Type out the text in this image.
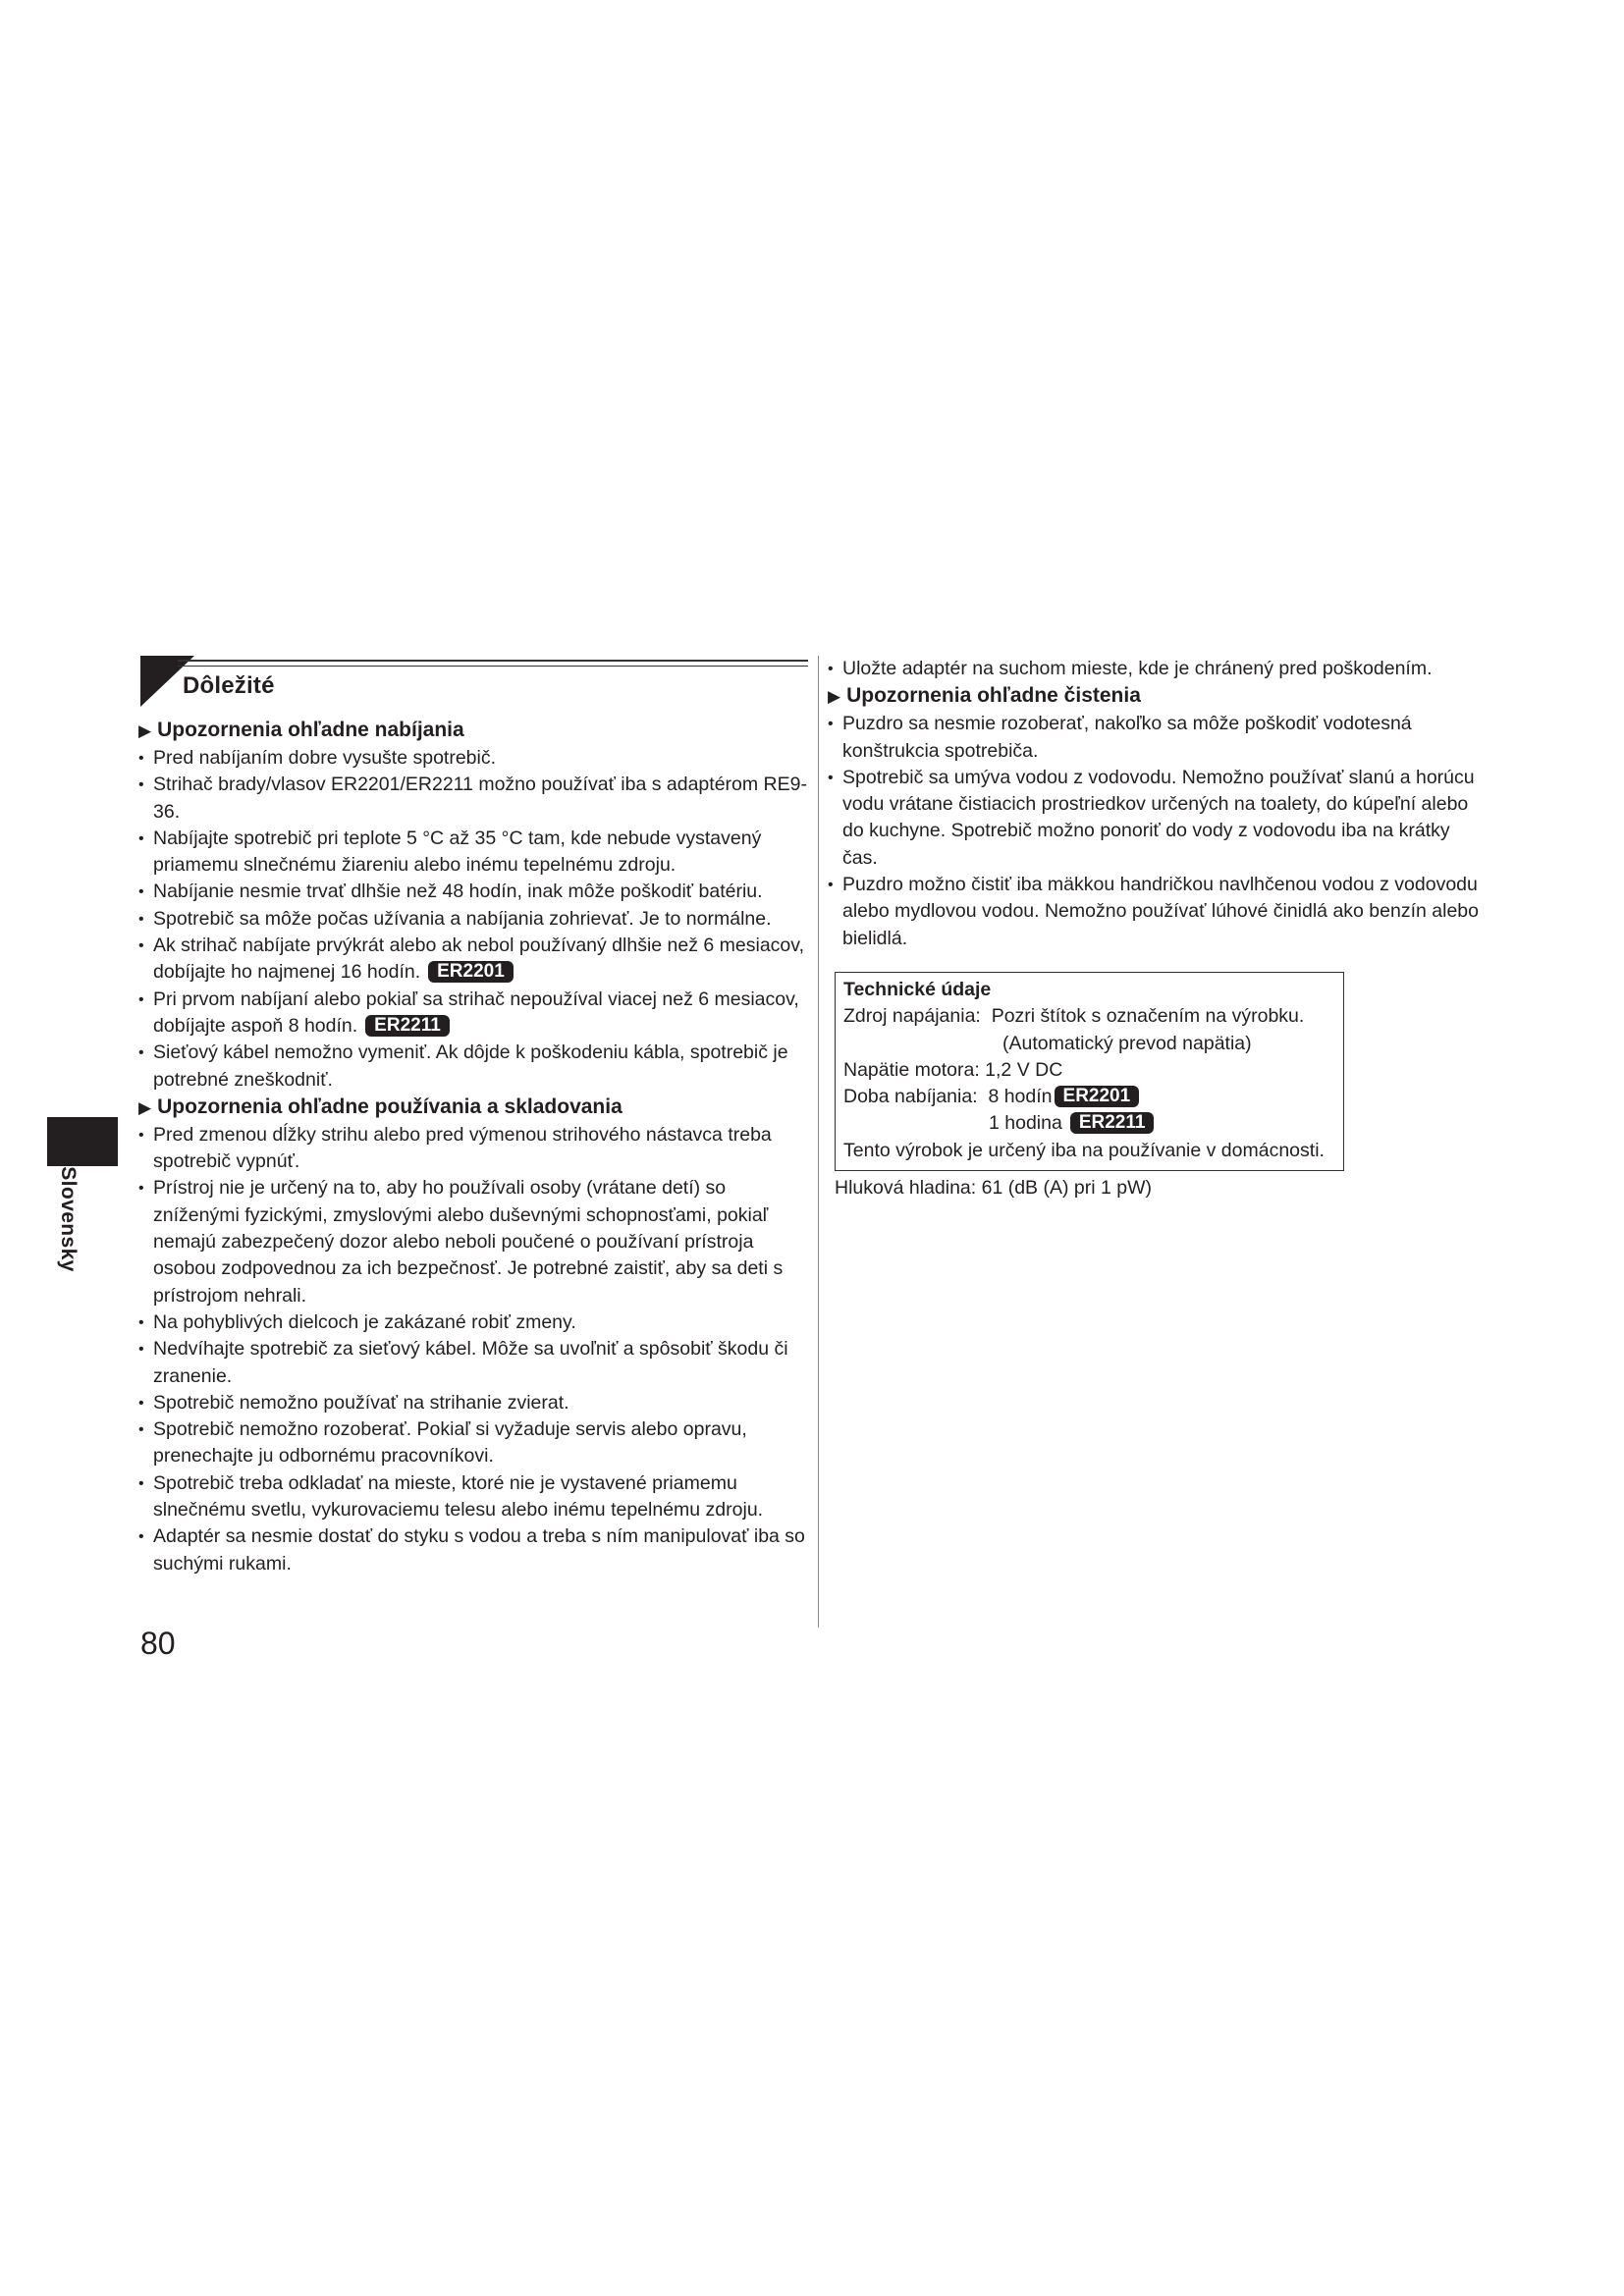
Dôležité
▶ Upozornenia ohľadne nabíjania
• Pred nabíjaním dobre vysušte spotrebič.
• Strihač brady/vlasov ER2201/ER2211 možno používať iba s adaptérom RE9-36.
• Nabíjajte spotrebič pri teplote 5 °C až 35 °C tam, kde nebude vystavený priamemu slnečnému žiareniu alebo inému tepelnému zdroju.
• Nabíjanie nesmie trvať dlhšie než 48 hodín, inak môže poškodiť batériu.
• Spotrebič sa môže počas užívania a nabíjania zohrievať. Je to normálne.
• Ak strihač nabíjate prvýkrát alebo ak nebol používaný dlhšie než 6 mesiacov, dobíjajte ho najmenej 16 hodín. ER2201
• Pri prvom nabíjaní alebo pokiaľ sa strihač nepoužíval viacej než 6 mesiacov, dobíjajte aspoň 8 hodín. ER2211
• Sieťový kábel nemožno vymeniť. Ak dôjde k poškodeniu kábla, spotrebič je potrebné zneškodniť.
▶ Upozornenia ohľadne používania a skladovania
• Pred zmenou dĺžky strihu alebo pred výmenou strihového nástavca treba spotrebič vypnúť.
• Prístroj nie je určený na to, aby ho používali osoby (vrátane detí) so zníženými fyzickými, zmyslovými alebo duševnými schopnosťami, pokiaľ nemajú zabezpečený dozor alebo neboli poučené o používaní prístroja osobou zodpovednou za ich bezpečnosť. Je potrebné zaistiť, aby sa deti s prístrojom nehrali.
• Na pohyblivých dielcoch je zakázané robiť zmeny.
• Nedvíhajte spotrebič za sieťový kábel. Môže sa uvoľniť a spôsobiť škodu či zranenie.
• Spotrebič nemožno používať na strihanie zvierat.
• Spotrebič nemožno rozoberať. Pokiaľ si vyžaduje servis alebo opravu, prenechajte ju odbornému pracovníkovi.
• Spotrebič treba odkladať na mieste, ktoré nie je vystavené priamemu slnečnému svetlu, vykurovaciemu telesu alebo inému tepelnému zdroju.
• Adaptér sa nesmie dostať do styku s vodou a treba s ním manipulovať iba so suchými rukami.
• Uložte adaptér na suchom mieste, kde je chránený pred poškodením.
▶ Upozornenia ohľadne čistenia
• Puzdro sa nesmie rozoberať, nakoľko sa môže poškodiť vodotesná konštrukcia spotrebiča.
• Spotrebič sa umýva vodou z vodovodu. Nemožno používať slanú a horúcu vodu vrátane čistiacich prostriedkov určených na toalety, do kúpeľní alebo do kuchyne. Spotrebič možno ponoriť do vody z vodovodu iba na krátky čas.
• Puzdro možno čistiť iba mäkkou handričkou navlhčenou vodou z vodovodu alebo mydlovou vodou. Nemožno používať lúhové činidlá ako benzín alebo bielidlá.
Technické údaje
Zdroj napájania: Pozri štítok s označením na výrobku.
(Automatický prevod napätia)
Napätie motora: 1,2 V DC
Doba nabíjania: 8 hodín ER2201
1 hodina ER2211
Tento výrobok je určený iba na používanie v domácnosti.
Hluková hladina: 61 (dB (A) pri 1 pW)
Slovensky
80
